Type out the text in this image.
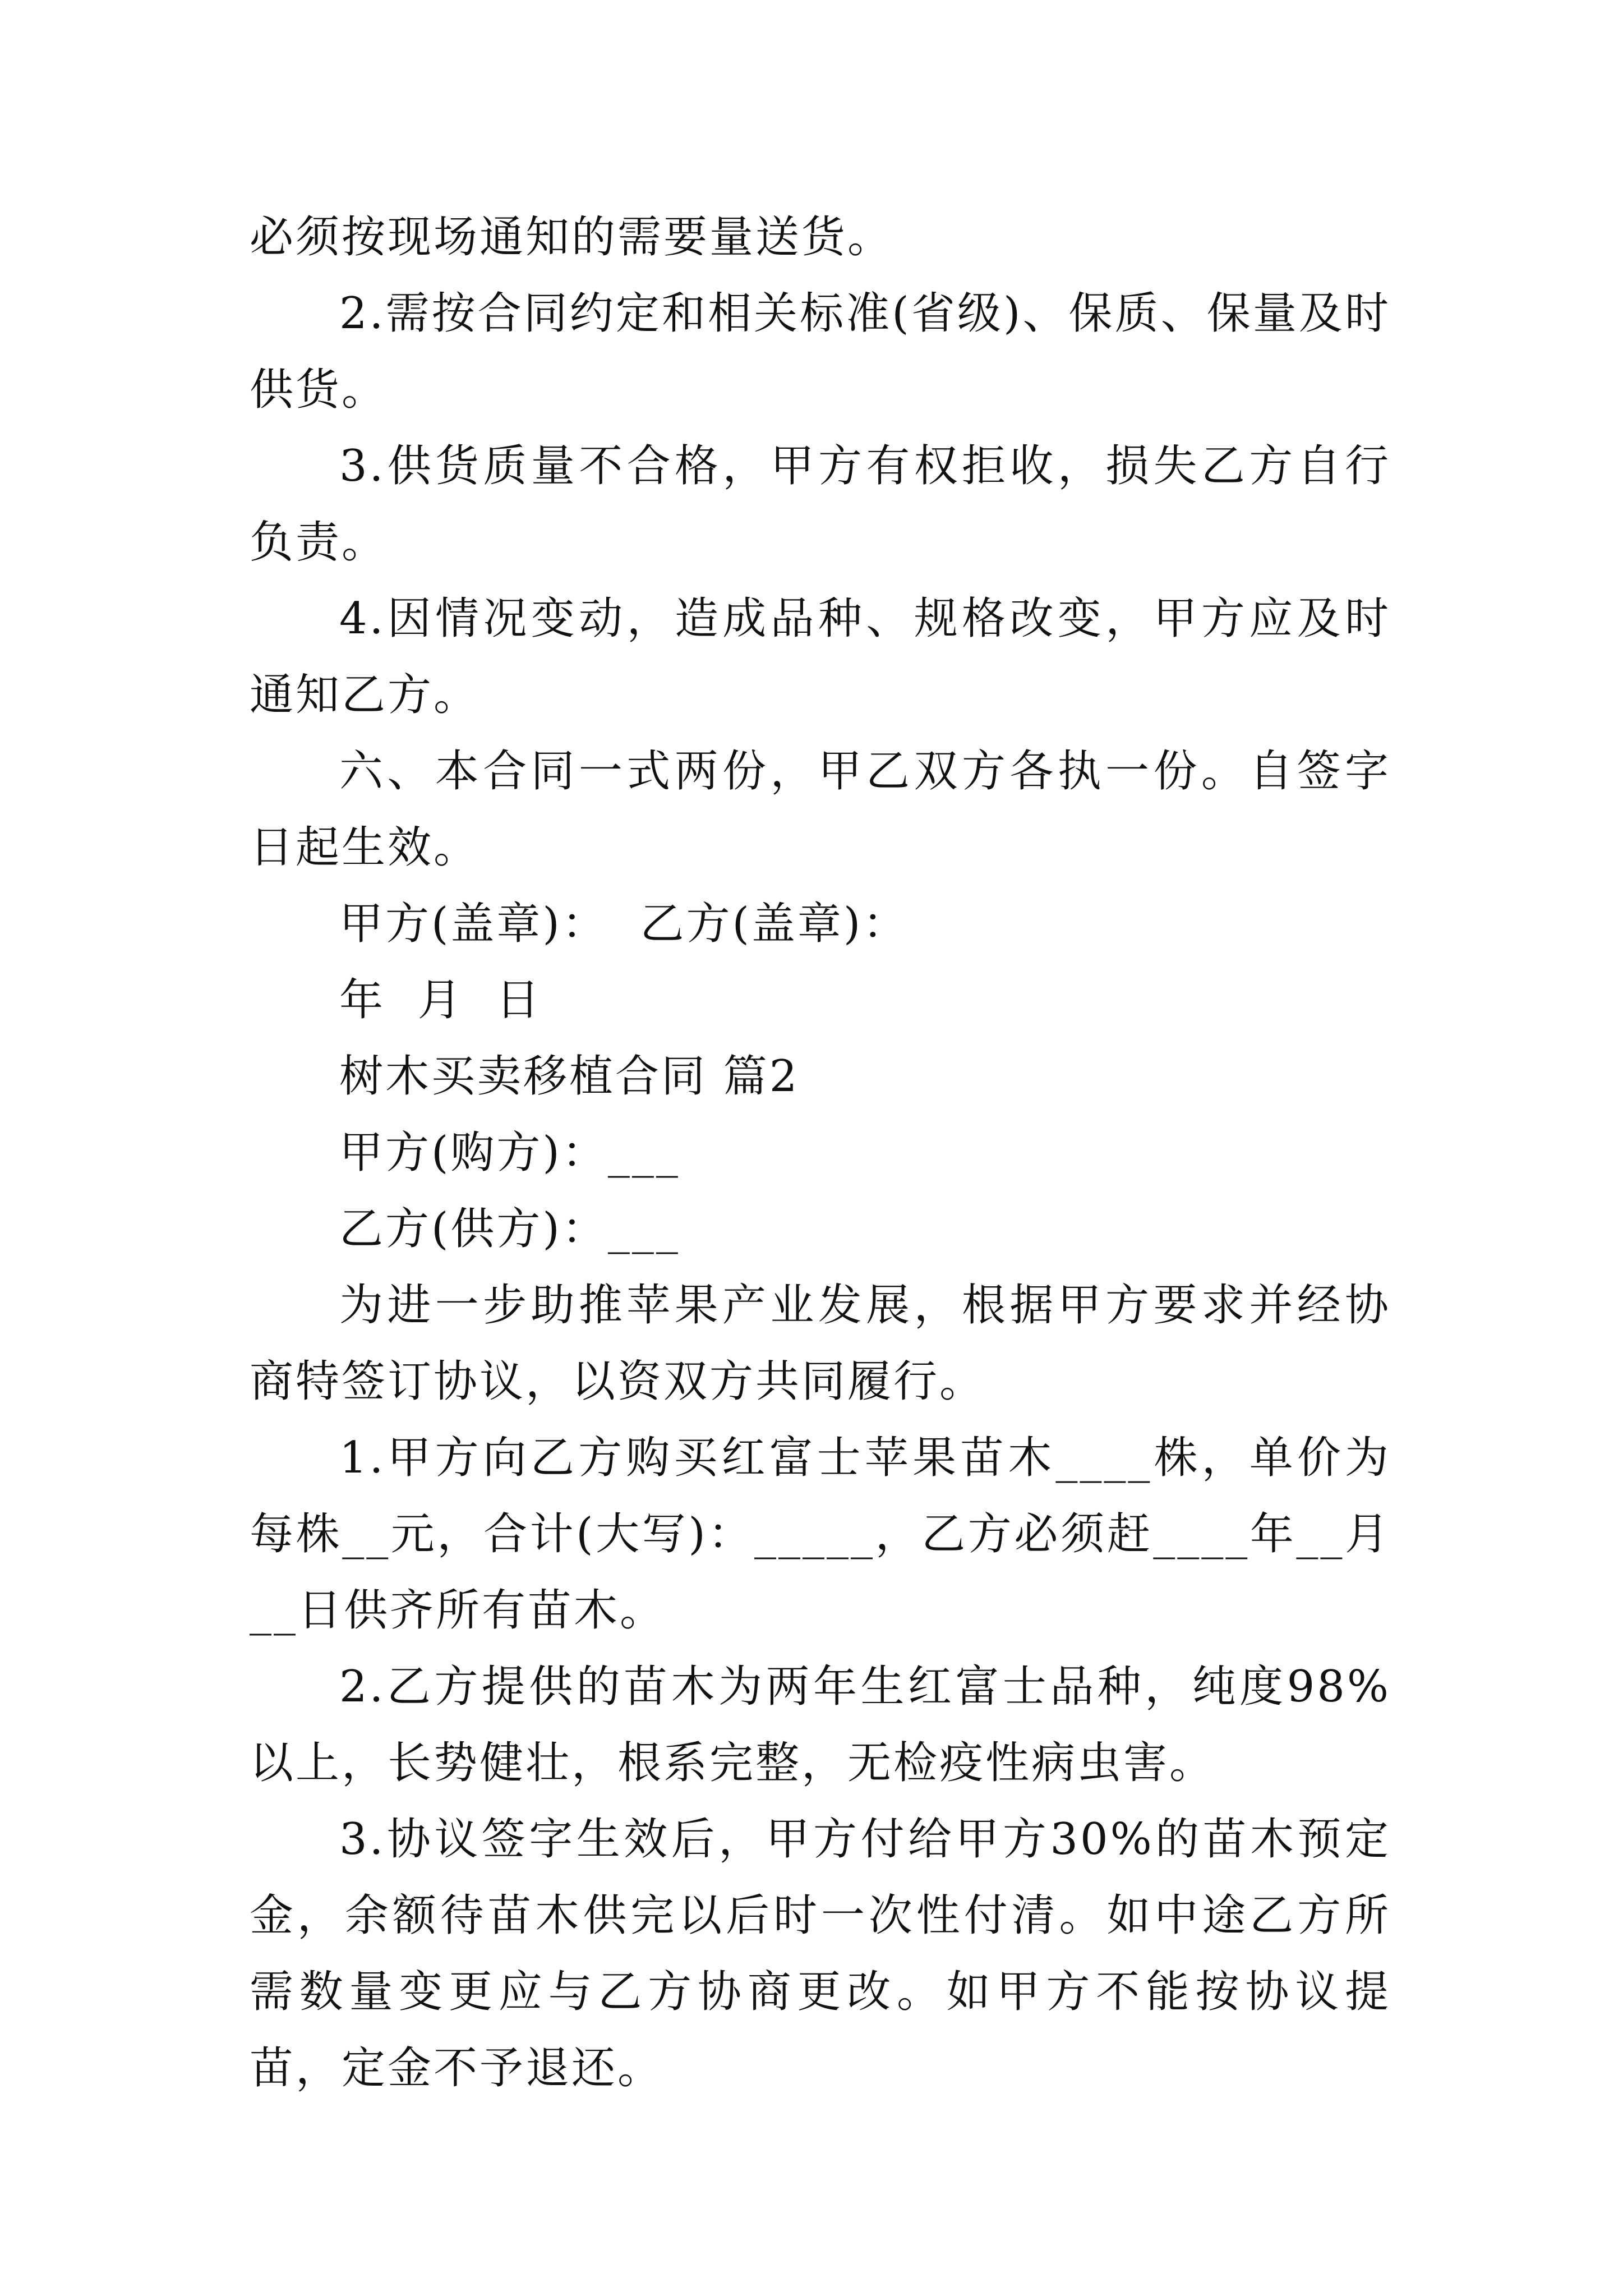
必须按现场通知的需要量送货。

2.需按合同约定和相关标准(省级)、保质、保量及时供货。

3.供货质量不合格，甲方有权拒收，损失乙方自行负责。

4.因情况变动，造成品种、规格改变，甲方应及时通知乙方。

六、本合同一式两份，甲乙双方各执一份。自签字日起生效。

甲方(盖章)：  乙方(盖章)：

年  月  日

树木买卖移植合同 篇2

甲方(购方)：___

乙方(供方)：___

为进一步助推苹果产业发展，根据甲方要求并经协商特签订协议，以资双方共同履行。

1.甲方向乙方购买红富士苹果苗木____株，单价为每株__元，合计(大写)：_____，乙方必须赶____年__月__日供齐所有苗木。

2.乙方提供的苗木为两年生红富士品种，纯度98%以上，长势健壮，根系完整，无检疫性病虫害。

3.协议签字生效后，甲方付给甲方30%的苗木预定金，余额待苗木供完以后时一次性付清。如中途乙方所需数量变更应与乙方协商更改。如甲方不能按协议提苗，定金不予退还。
